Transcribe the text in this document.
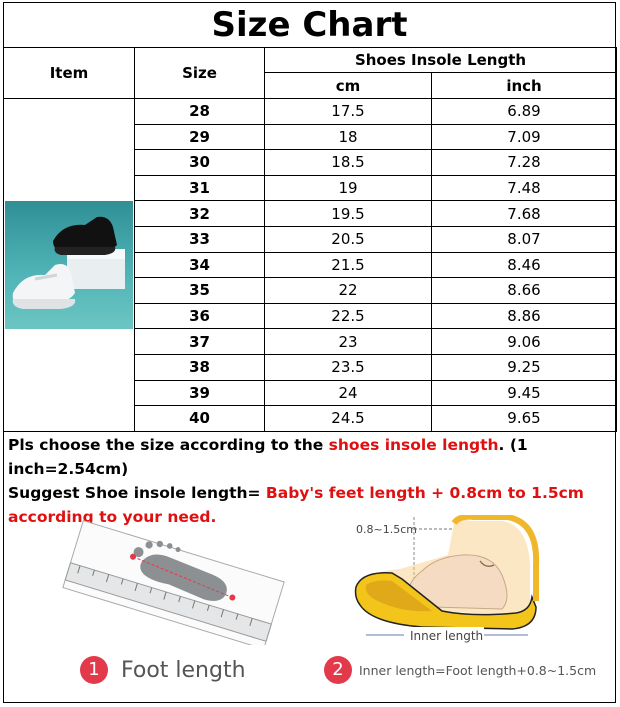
Size Chart
Item	Size	Shoes Insole Length	
		cm	inch

	28	17.5	6.89
	29	18	7.09
	30	18.5	7.28
	31	19	7.48
	32	19.5	7.68
	33	20.5	8.07
	34	21.5	8.46
	35	22	8.66
	36	22.5	8.86
	37	23	9.06
	38	23.5	9.25
	39	24	9.45
	40	24.5	9.65
Pls choose the size according to the shoes insole length. (1 inch=2.54cm)
Suggest Shoe insole length= Baby's feet length + 0.8cm to 1.5cm
according to your need.
0.8~1.5cm
Inner length
1 Foot length	2 Inner length=Foot length+0.8~1.5cm
